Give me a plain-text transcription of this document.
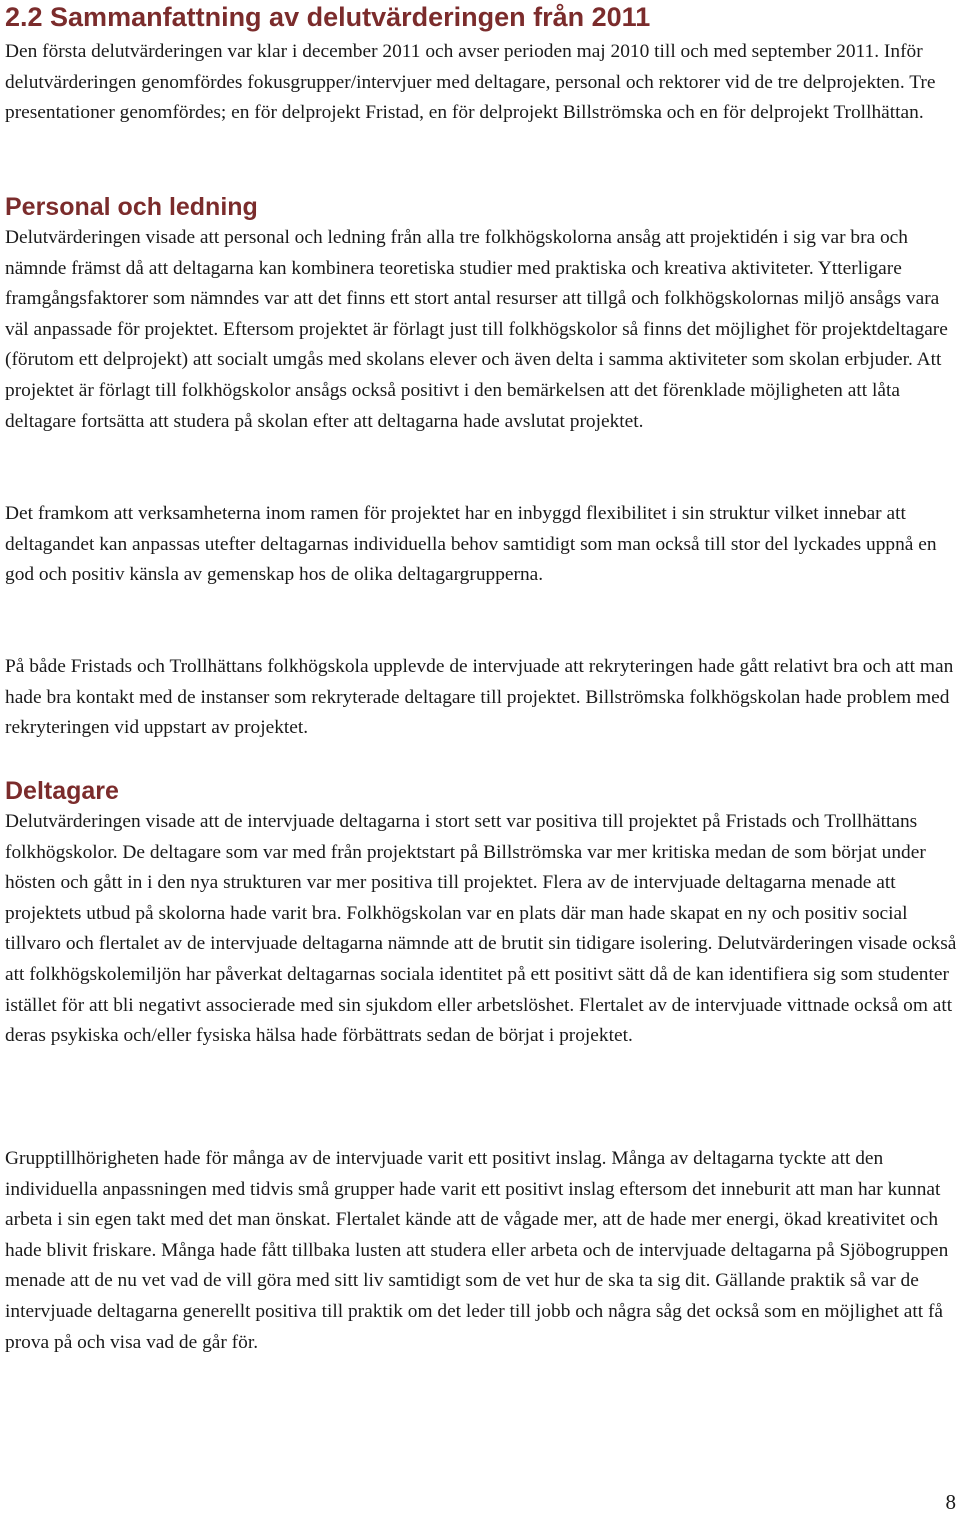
2.2 Sammanfattning av delutvärderingen från 2011

Den första delutvärderingen var klar i december 2011 och avser perioden maj 2010 till och med september 2011. Inför delutvärderingen genomfördes fokusgrupper/intervjuer med deltagare, personal och rektorer vid de tre delprojekten. Tre presentationer genomfördes; en för delprojekt Fristad, en för delprojekt Billströmska och en för delprojekt Trollhättan.

Personal och ledning

Delutvärderingen visade att personal och ledning från alla tre folkhögskolorna ansåg att projektidén i sig var bra och nämnde främst då att deltagarna kan kombinera teoretiska studier med praktiska och kreativa aktiviteter. Ytterligare framgångsfaktorer som nämndes var att det finns ett stort antal resurser att tillgå och folkhögskolornas miljö ansågs vara väl anpassade för projektet. Eftersom projektet är förlagt just till folkhögskolor så finns det möjlighet för projektdeltagare (förutom ett delprojekt) att socialt umgås med skolans elever och även delta i samma aktiviteter som skolan erbjuder. Att projektet är förlagt till folkhögskolor ansågs också positivt i den bemärkelsen att det förenklade möjligheten att låta deltagare fortsätta att studera på skolan efter att deltagarna hade avslutat projektet.

Det framkom att verksamheterna inom ramen för projektet har en inbyggd flexibilitet i sin struktur vilket innebar att deltagandet kan anpassas utefter deltagarnas individuella behov samtidigt som man också till stor del lyckades uppnå en god och positiv känsla av gemenskap hos de olika deltagargrupperna.

På både Fristads och Trollhättans folkhögskola upplevde de intervjuade att rekryteringen hade gått relativt bra och att man hade bra kontakt med de instanser som rekryterade deltagare till projektet. Billströmska folkhögskolan hade problem med rekryteringen vid uppstart av projektet.

Deltagare

Delutvärderingen visade att de intervjuade deltagarna i stort sett var positiva till projektet på Fristads och Trollhättans folkhögskolor. De deltagare som var med från projektstart på Billströmska var mer kritiska medan de som börjat under hösten och gått in i den nya strukturen var mer positiva till projektet. Flera av de intervjuade deltagarna menade att projektets utbud på skolorna hade varit bra. Folkhögskolan var en plats där man hade skapat en ny och positiv social tillvaro och flertalet av de intervjuade deltagarna nämnde att de brutit sin tidigare isolering. Delutvärderingen visade också att folkhögskolemiljön har påverkat deltagarnas sociala identitet på ett positivt sätt då de kan identifiera sig som studenter istället för att bli negativt associerade med sin sjukdom eller arbetslöshet. Flertalet av de intervjuade vittnade också om att deras psykiska och/eller fysiska hälsa hade förbättrats sedan de börjat i projektet.

Grupptillhörigheten hade för många av de intervjuade varit ett positivt inslag. Många av deltagarna tyckte att den individuella anpassningen med tidvis små grupper hade varit ett positivt inslag eftersom det inneburit att man har kunnat arbeta i sin egen takt med det man önskat. Flertalet kände att de vågade mer, att de hade mer energi, ökad kreativitet och hade blivit friskare. Många hade fått tillbaka lusten att studera eller arbeta och de intervjuade deltagarna på Sjöbogruppen menade att de nu vet vad de vill göra med sitt liv samtidigt som de vet hur de ska ta sig dit. Gällande praktik så var de intervjuade deltagarna generellt positiva till praktik om det leder till jobb och några såg det också som en möjlighet att få prova på och visa vad de går för.

8
